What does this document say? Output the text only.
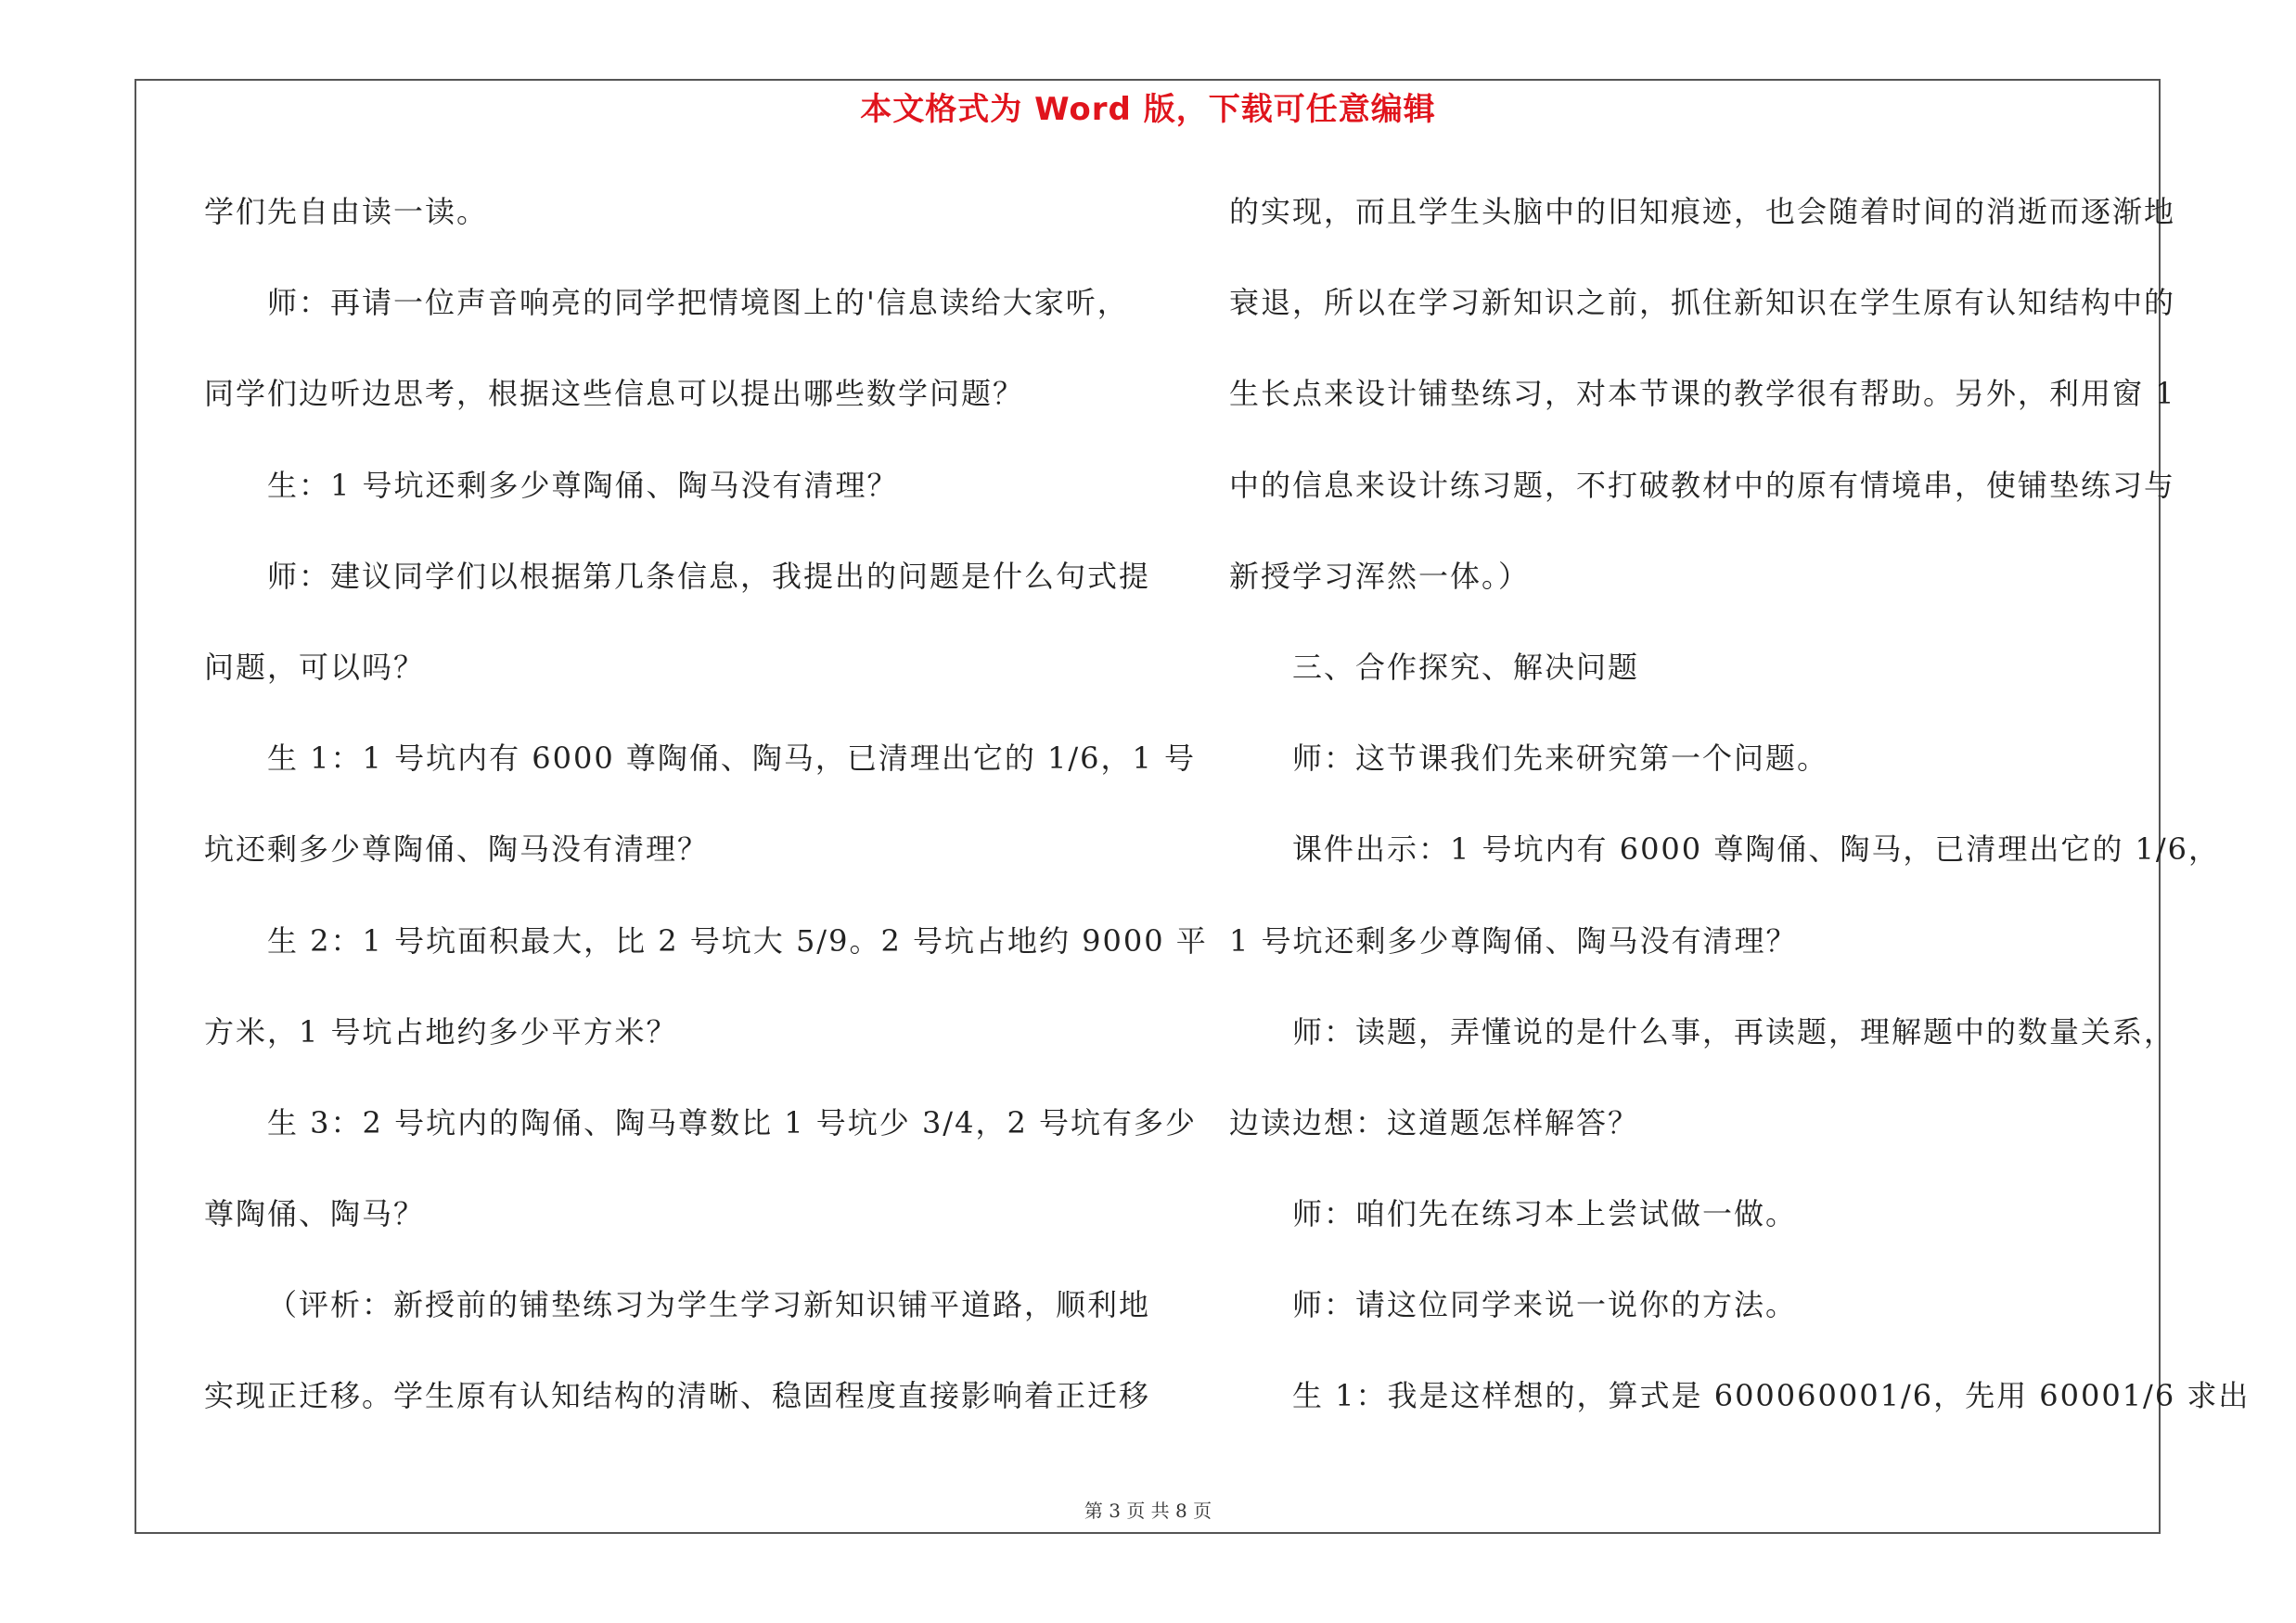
本文格式为 Word 版，下载可任意编辑
学们先自由读一读。
师：再请一位声音响亮的同学把情境图上的'信息读给大家听，
同学们边听边思考，根据这些信息可以提出哪些数学问题？
生：1 号坑还剩多少尊陶俑、陶马没有清理？
师：建议同学们以根据第几条信息，我提出的问题是什么句式提
问题，可以吗？
生 1：1 号坑内有 6000 尊陶俑、陶马，已清理出它的 1/6，1 号
坑还剩多少尊陶俑、陶马没有清理？
生 2：1 号坑面积最大，比 2 号坑大 5/9。2 号坑占地约 9000 平
方米，1 号坑占地约多少平方米？
生 3：2 号坑内的陶俑、陶马尊数比 1 号坑少 3/4，2 号坑有多少
尊陶俑、陶马？
（评析：新授前的铺垫练习为学生学习新知识铺平道路，顺利地
实现正迁移。学生原有认知结构的清晰、稳固程度直接影响着正迁移
的实现，而且学生头脑中的旧知痕迹，也会随着时间的消逝而逐渐地
衰退，所以在学习新知识之前，抓住新知识在学生原有认知结构中的
生长点来设计铺垫练习，对本节课的教学很有帮助。另外，利用窗 1
中的信息来设计练习题，不打破教材中的原有情境串，使铺垫练习与
新授学习浑然一体。）
三、合作探究、解决问题
师：这节课我们先来研究第一个问题。
课件出示：1 号坑内有 6000 尊陶俑、陶马，已清理出它的 1/6，
1 号坑还剩多少尊陶俑、陶马没有清理？
师：读题，弄懂说的是什么事，再读题，理解题中的数量关系，
边读边想：这道题怎样解答？
师：咱们先在练习本上尝试做一做。
师：请这位同学来说一说你的方法。
生 1：我是这样想的，算式是 600060001/6，先用 60001/6 求出
第 3 页 共 8 页
